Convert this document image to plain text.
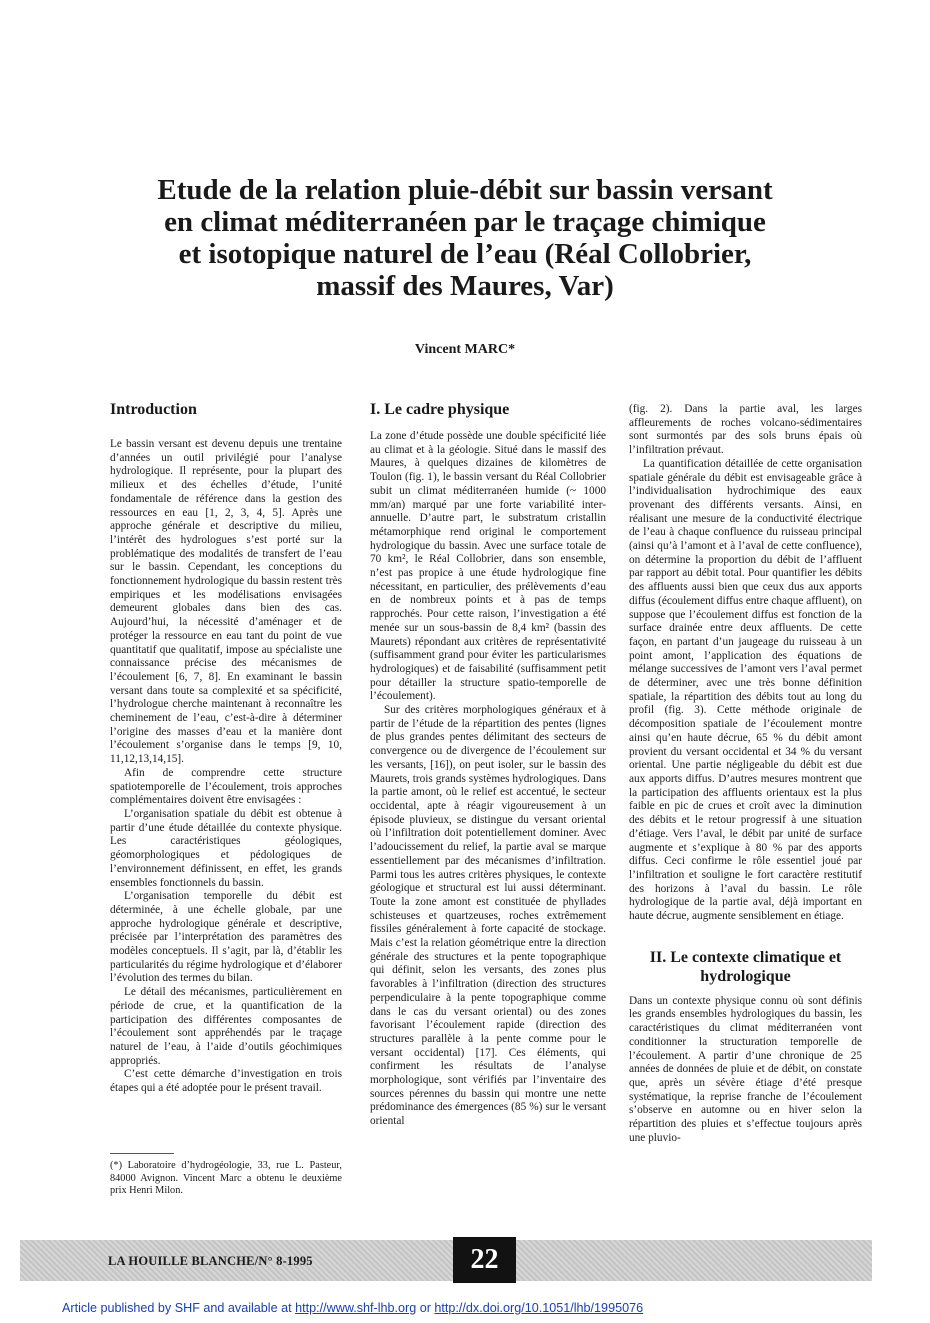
Etude de la relation pluie-débit sur bassin versant
en climat méditerranéen par le traçage chimique
et isotopique naturel de l’eau (Réal Collobrier,
massif des Maures, Var)

Vincent MARC*

Introduction

Le bassin versant est devenu depuis une trentaine d’années un outil privilégié pour l’analyse hydrologique. Il représente, pour la plupart des milieux et des échelles d’étude, l’unité fondamentale de référence dans la gestion des ressources en eau [1, 2, 3, 4, 5]. Après une approche générale et descriptive du milieu, l’intérêt des hydrologues s’est porté sur la problématique des modalités de transfert de l’eau sur le bassin. Cependant, les conceptions du fonctionnement hydrologique du bassin restent très empiriques et les modélisations envisagées demeurent globales dans bien des cas. Aujourd’hui, la nécessité d’aménager et de protéger la ressource en eau tant du point de vue quantitatif que qualitatif, impose au spécialiste une connaissance précise des mécanismes de l’écoulement [6, 7, 8]. En examinant le bassin versant dans toute sa complexité et sa spécificité, l’hydrologue cherche maintenant à reconnaître les cheminement de l’eau, c’est-à-dire à déterminer l’origine des masses d’eau et la manière dont l’écoulement s’organise dans le temps [9, 10, 11,12,13,14,15].

Afin de comprendre cette structure spatiotemporelle de l’écoulement, trois approches complémentaires doivent être envisagées :

L’organisation spatiale du débit est obtenue à partir d’une étude détaillée du contexte physique. Les caractéristiques géologiques, géomorphologiques et pédologiques de l’environnement définissent, en effet, les grands ensembles fonctionnels du bassin.

L’organisation temporelle du débit est déterminée, à une échelle globale, par une approche hydrologique générale et descriptive, précisée par l’interprétation des paramètres des modèles conceptuels. Il s’agit, par là, d’établir les particularités du régime hydrologique et d’élaborer l’évolution des termes du bilan.

Le détail des mécanismes, particulièrement en période de crue, et la quantification de la participation des différentes composantes de l’écoulement sont appréhendés par le traçage naturel de l’eau, à l’aide d’outils géochimiques appropriés.

C’est cette démarche d’investigation en trois étapes qui a été adoptée pour le présent travail.

(*) Laboratoire d’hydrogéologie, 33, rue L. Pasteur, 84000 Avignon. Vincent Marc a obtenu le deuxième prix Henri Milon.

I. Le cadre physique

La zone d’étude possède une double spécificité liée au climat et à la géologie. Situé dans le massif des Maures, à quelques dizaines de kilomètres de Toulon (fig. 1), le bassin versant du Réal Collobrier subit un climat méditerranéen humide (~ 1000 mm/an) marqué par une forte variabilité inter-annuelle. D’autre part, le substratum cristallin métamorphique rend original le comportement hydrologique du bassin. Avec une surface totale de 70 km², le Réal Collobrier, dans son ensemble, n’est pas propice à une étude hydrologique fine nécessitant, en particulier, des prélèvements d’eau en de nombreux points et à pas de temps rapprochés. Pour cette raison, l’investigation a été menée sur un sous-bassin de 8,4 km² (bassin des Maurets) répondant aux critères de représentativité (suffisamment grand pour éviter les particularismes hydrologiques) et de faisabilité (suffisamment petit pour détailler la structure spatio-temporelle de l’écoulement).

Sur des critères morphologiques généraux et à partir de l’étude de la répartition des pentes (lignes de plus grandes pentes délimitant des secteurs de convergence ou de divergence de l’écoulement sur les versants, [16]), on peut isoler, sur le bassin des Maurets, trois grands systèmes hydrologiques. Dans la partie amont, où le relief est accentué, le secteur occidental, apte à réagir vigoureusement à un épisode pluvieux, se distingue du versant oriental où l’infiltration doit potentiellement dominer. Avec l’adoucissement du relief, la partie aval se marque essentiellement par des mécanismes d’infiltration. Parmi tous les autres critères physiques, le contexte géologique et structural est lui aussi déterminant. Toute la zone amont est constituée de phyllades schisteuses et quartzeuses, roches extrêmement fissiles généralement à forte capacité de stockage. Mais c’est la relation géométrique entre la direction générale des structures et la pente topographique qui définit, selon les versants, des zones plus favorables à l’infiltration (direction des structures perpendiculaire à la pente topographique comme dans le cas du versant oriental) ou des zones favorisant l’écoulement rapide (direction des structures parallèle à la pente comme pour le versant occidental) [17]. Ces éléments, qui confirment les résultats de l’analyse morphologique, sont vérifiés par l’inventaire des sources pérennes du bassin qui montre une nette prédominance des émergences (85 %) sur le versant oriental

(fig. 2). Dans la partie aval, les larges affleurements de roches volcano-sédimentaires sont surmontés par des sols bruns épais où l’infiltration prévaut.

La quantification détaillée de cette organisation spatiale générale du débit est envisageable grâce à l’individualisation hydrochimique des eaux provenant des différents versants. Ainsi, en réalisant une mesure de la conductivité électrique de l’eau à chaque confluence du ruisseau principal (ainsi qu’à l’amont et à l’aval de cette confluence), on détermine la proportion du débit de l’affluent par rapport au débit total. Pour quantifier les débits des affluents aussi bien que ceux dus aux apports diffus (écoulement diffus entre chaque affluent), on suppose que l’écoulement diffus est fonction de la surface drainée entre deux affluents. De cette façon, en partant d’un jaugeage du ruisseau à un point amont, l’application des équations de mélange successives de l’amont vers l’aval permet de déterminer, avec une très bonne définition spatiale, la répartition des débits tout au long du profil (fig. 3). Cette méthode originale de décomposition spatiale de l’écoulement montre ainsi qu’en haute décrue, 65 % du débit amont provient du versant occidental et 34 % du versant oriental. Une partie négligeable du débit est due aux apports diffus. D’autres mesures montrent que la participation des affluents orientaux est la plus faible en pic de crues et croît avec la diminution des débits et le retour progressif à une situation d’étiage. Vers l’aval, le débit par unité de surface augmente et s’explique à 80 % par des apports diffus. Ceci confirme le rôle essentiel joué par l’infiltration et souligne le fort caractère restitutif des horizons à l’aval du bassin. Le rôle hydrologique de la partie aval, déjà important en haute décrue, augmente sensiblement en étiage.

II. Le contexte climatique et hydrologique

Dans un contexte physique connu où sont définis les grands ensembles hydrologiques du bassin, les caractéristiques du climat méditerranéen vont conditionner la structuration temporelle de l’écoulement. A partir d’une chronique de 25 années de données de pluie et de débit, on constate que, après un sévère étiage d’été presque systématique, la reprise franche de l’écoulement s’observe en automne ou en hiver selon la répartition des pluies et s’effectue toujours après une pluvio-

LA HOUILLE BLANCHE/N° 8-1995	22
Article published by SHF and available at http://www.shf-lhb.org or http://dx.doi.org/10.1051/lhb/1995076
